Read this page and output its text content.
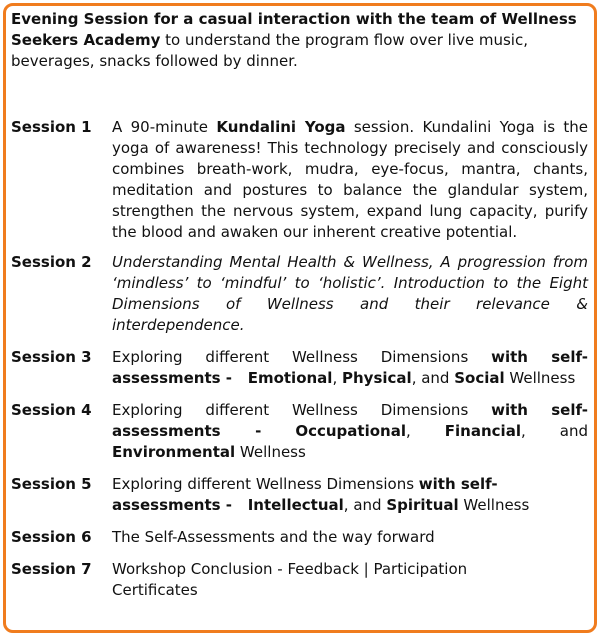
Evening Session for a casual interaction with the team of Wellness Seekers Academy to understand the program flow over live music, beverages, snacks followed by dinner.

Session 1	A 90-minute Kundalini Yoga session. Kundalini Yoga is the yoga of awareness! This technology precisely and consciously combines breath-work, mudra, eye-focus, mantra, chants, meditation and postures to balance the glandular system, strengthen the nervous system, expand lung capacity, purify the blood and awaken our inherent creative potential.
Session 2	Understanding Mental Health & Wellness, A progression from ‘mindless’ to ‘mindful’ to ‘holistic’. Introduction to the Eight Dimensions of Wellness and their relevance & interdependence.
Session 3	Exploring different Wellness Dimensions with self-
assessments -   Emotional, Physical, and Social Wellness
Session 4	Exploring different Wellness Dimensions with self-
assessments - Occupational, Financial, and
Environmental Wellness
Session 5	Exploring different Wellness Dimensions with self-
assessments -   Intellectual, and Spiritual Wellness
Session 6	The Self-Assessments and the way forward
Session 7	Workshop Conclusion - Feedback | Participation Certificates
